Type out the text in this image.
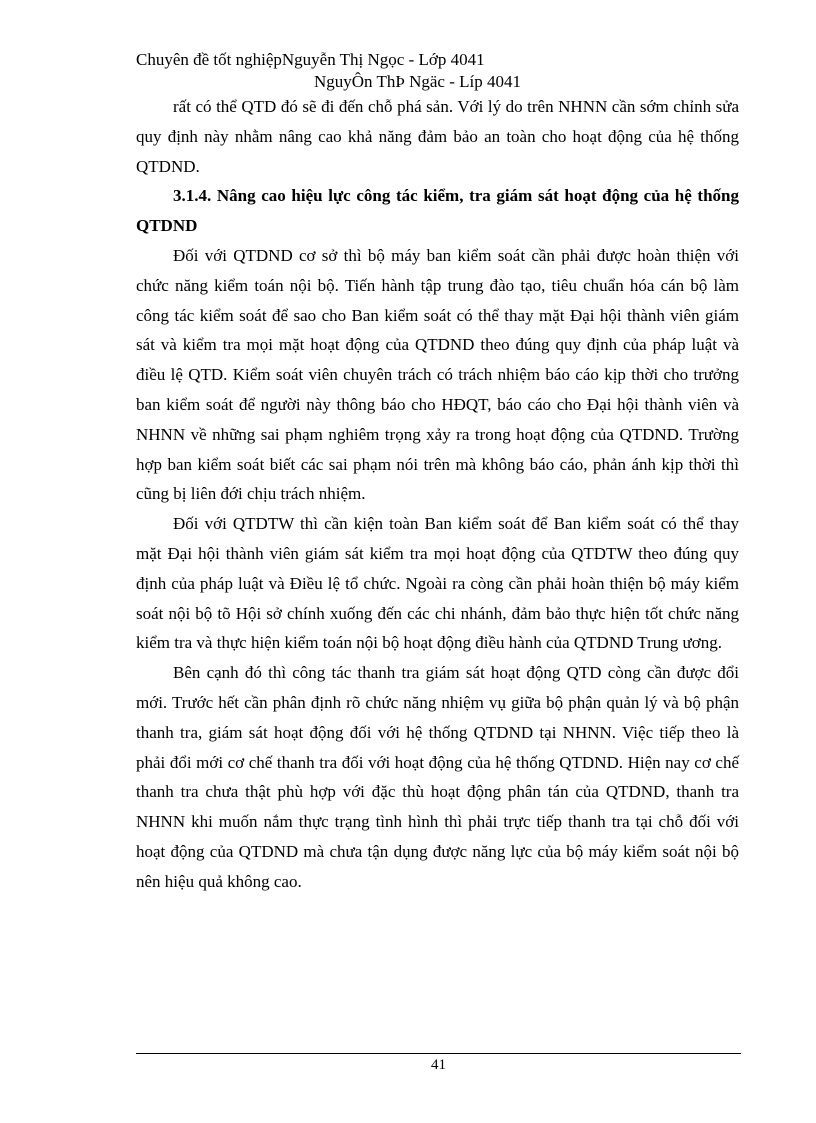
Chuyên đề tốt nghiệpNguyễn Thị Ngọc - Lớp 4041
NguyÔn ThÞ Ngäc - Líp 4041

rất có thể QTD đó sẽ đi đến chỗ phá sản. Với lý do trên NHNN cần sớm chỉnh sửa quy định này nhằm nâng cao khả năng đảm bảo an toàn cho hoạt động của hệ thống QTDND.

3.1.4. Nâng cao hiệu lực công tác kiểm, tra giám sát hoạt động của hệ thống QTDND

Đối với QTDND cơ sở thì bộ máy ban kiểm soát cần phải được hoàn thiện với chức năng kiểm toán nội bộ. Tiến hành tập trung đào tạo, tiêu chuẩn hóa cán bộ làm công tác kiểm soát để sao cho Ban kiểm soát có thể thay mặt Đại hội thành viên giám sát và kiểm tra mọi mặt hoạt động của QTDND theo đúng quy định của pháp luật và điều lệ QTD. Kiểm soát viên chuyên trách có trách nhiệm báo cáo kịp thời cho trưởng ban kiểm soát để người này thông báo cho HĐQT, báo cáo cho Đại hội thành viên và NHNN về những sai phạm nghiêm trọng xảy ra trong hoạt động của QTDND. Trường hợp ban kiểm soát biết các sai phạm nói trên mà không báo cáo, phản ánh kịp thời thì cũng bị liên đới chịu trách nhiệm.

Đối với QTDTW thì cần kiện toàn Ban kiểm soát để Ban kiểm soát có thể thay mặt Đại hội thành viên giám sát kiểm tra mọi hoạt động của QTDTW theo đúng quy định của pháp luật và Điều lệ tổ chức. Ngoài ra còng cần phải hoàn thiện bộ máy kiểm soát nội bộ tõ Hội sở chính xuống đến các chi nhánh, đảm bảo thực hiện tốt chức năng kiểm tra và thực hiện kiểm toán nội bộ hoạt động điều hành của QTDND Trung ương.

Bên cạnh đó thì công tác thanh tra giám sát hoạt động QTD còng cần được đổi mới. Trước hết cần phân định rõ chức năng nhiệm vụ giữa bộ phận quản lý và bộ phận thanh tra, giám sát hoạt động đối với hệ thống QTDND tại NHNN. Việc tiếp theo là phải đổi mới cơ chế thanh tra đối với hoạt động của hệ thống QTDND. Hiện nay cơ chế thanh tra chưa thật phù hợp với đặc thù hoạt động phân tán của QTDND, thanh tra NHNN khi muốn nắm thực trạng tình hình thì phải trực tiếp thanh tra tại chỗ đối với hoạt động của QTDND mà chưa tận dụng được năng lực của bộ máy kiểm soát nội bộ nên hiệu quả không cao.

41
